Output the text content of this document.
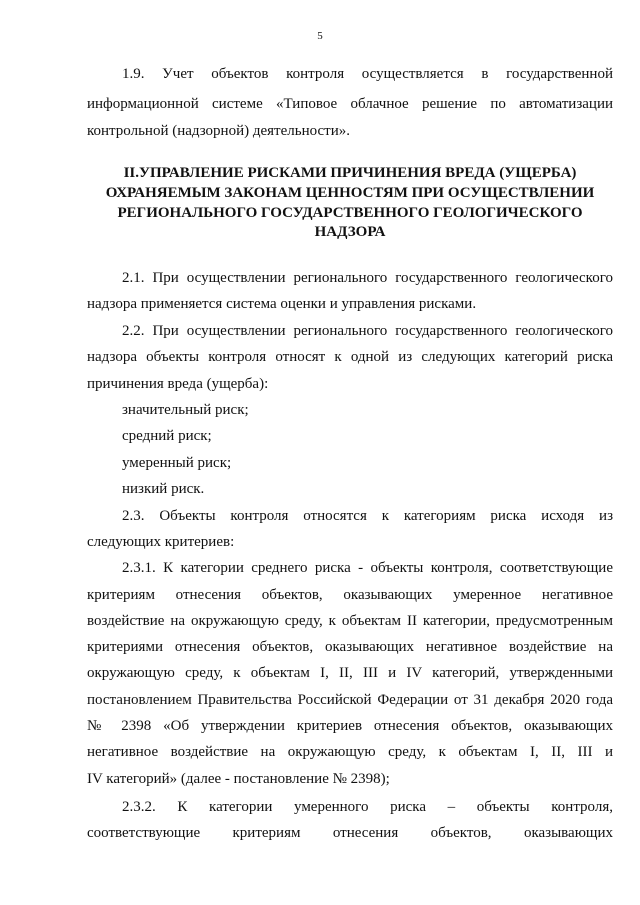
5
1.9. Учет объектов контроля осуществляется в государственной
информационной системе «Типовое облачное решение по автоматизации
контрольной (надзорной) деятельности».
II.УПРАВЛЕНИЕ РИСКАМИ ПРИЧИНЕНИЯ ВРЕДА (УЩЕРБА)
ОХРАНЯЕМЫМ ЗАКОНАМ ЦЕННОСТЯМ ПРИ ОСУЩЕСТВЛЕНИИ
РЕГИОНАЛЬНОГО ГОСУДАРСТВЕННОГО ГЕОЛОГИЧЕСКОГО
НАДЗОРА
2.1. При осуществлении регионального государственного геологического
надзора применяется система оценки и управления рисками.
2.2. При осуществлении регионального государственного геологического
надзора объекты контроля относят к одной из следующих категорий риска
причинения вреда (ущерба):
значительный риск;
средний риск;
умеренный риск;
низкий риск.
2.3. Объекты контроля относятся к категориям риска исходя из
следующих критериев:
2.3.1. К категории среднего риска - объекты контроля, соответствующие
критериям отнесения объектов, оказывающих умеренное негативное
воздействие на окружающую среду, к объектам II категории, предусмотренным
критериями отнесения объектов, оказывающих негативное воздействие на
окружающую среду, к объектам I, II, III и IV категорий, утвержденными
постановлением Правительства Российской Федерации от 31 декабря 2020 года
№ 2398 «Об утверждении критериев отнесения объектов, оказывающих
негативное воздействие на окружающую среду, к объектам I, II, III и
IV категорий» (далее - постановление № 2398);
2.3.2. К категории умеренного риска – объекты контроля,
соответствующие критериям отнесения объектов, оказывающих
